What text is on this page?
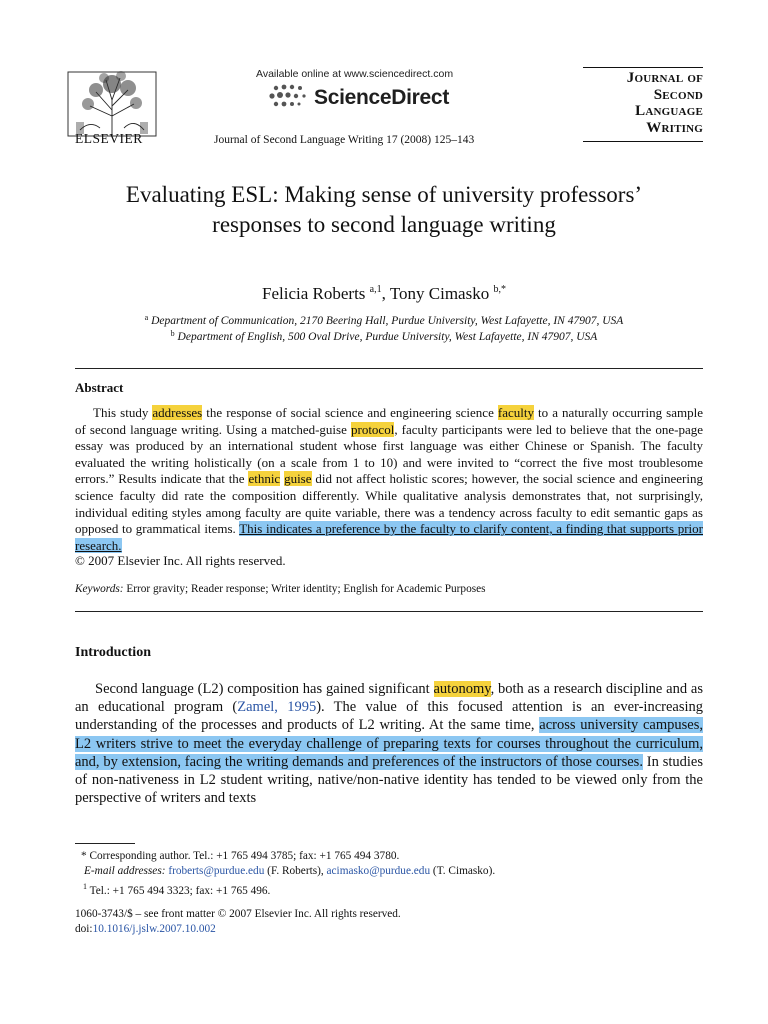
ELSEVIER
Available online at www.sciencedirect.com
ScienceDirect
Journal of Second Language Writing 17 (2008) 125–143
Journal of
Second
Language
Writing
Evaluating ESL: Making sense of university professors’
responses to second language writing
Felicia Roberts $^{a,1}$, Tony Cimasko $^{b,*}$
$^a$ Department of Communication, 2170 Beering Hall, Purdue University, West Lafayette, IN 47907, USA
$^b$ Department of English, 500 Oval Drive, Purdue University, West Lafayette, IN 47907, USA
Abstract

This study addresses the response of social science and engineering science faculty to a naturally occurring sample of second language writing. Using a matched-guise protocol, faculty participants were led to believe that the one-page essay was produced by an international student whose first language was either Chinese or Spanish. The faculty evaluated the writing holistically (on a scale from 1 to 10) and were invited to “correct the five most troublesome errors.” Results indicate that the ethnic guise did not affect holistic scores; however, the social science and engineering science faculty did rate the composition differently. While qualitative analysis demonstrates that, not surprisingly, individual editing styles among faculty are quite variable, there was a tendency across faculty to edit semantic gaps as opposed to grammatical items. This indicates a preference by the faculty to clarify content, a finding that supports prior research.

© 2007 Elsevier Inc. All rights reserved.
Keywords: Error gravity; Reader response; Writer identity; English for Academic Purposes
Introduction

Second language (L2) composition has gained significant autonomy, both as a research discipline and as an educational program (Zamel, 1995). The value of this focused attention is an ever-increasing understanding of the processes and products of L2 writing. At the same time, across university campuses, L2 writers strive to meet the everyday challenge of preparing texts for courses throughout the curriculum, and, by extension, facing the writing demands and preferences of the instructors of those courses. In studies of non-nativeness in L2 student writing, native/non-native identity has tended to be viewed only from the perspective of writers and texts

* Corresponding author. Tel.: +1 765 494 3785; fax: +1 765 494 3780.
E-mail addresses: froberts@purdue.edu (F. Roberts), acimasko@purdue.edu (T. Cimasko).
$^1$ Tel.: +1 765 494 3323; fax: +1 765 496.
1060-3743/$ – see front matter © 2007 Elsevier Inc. All rights reserved.
doi:10.1016/j.jslw.2007.10.002
